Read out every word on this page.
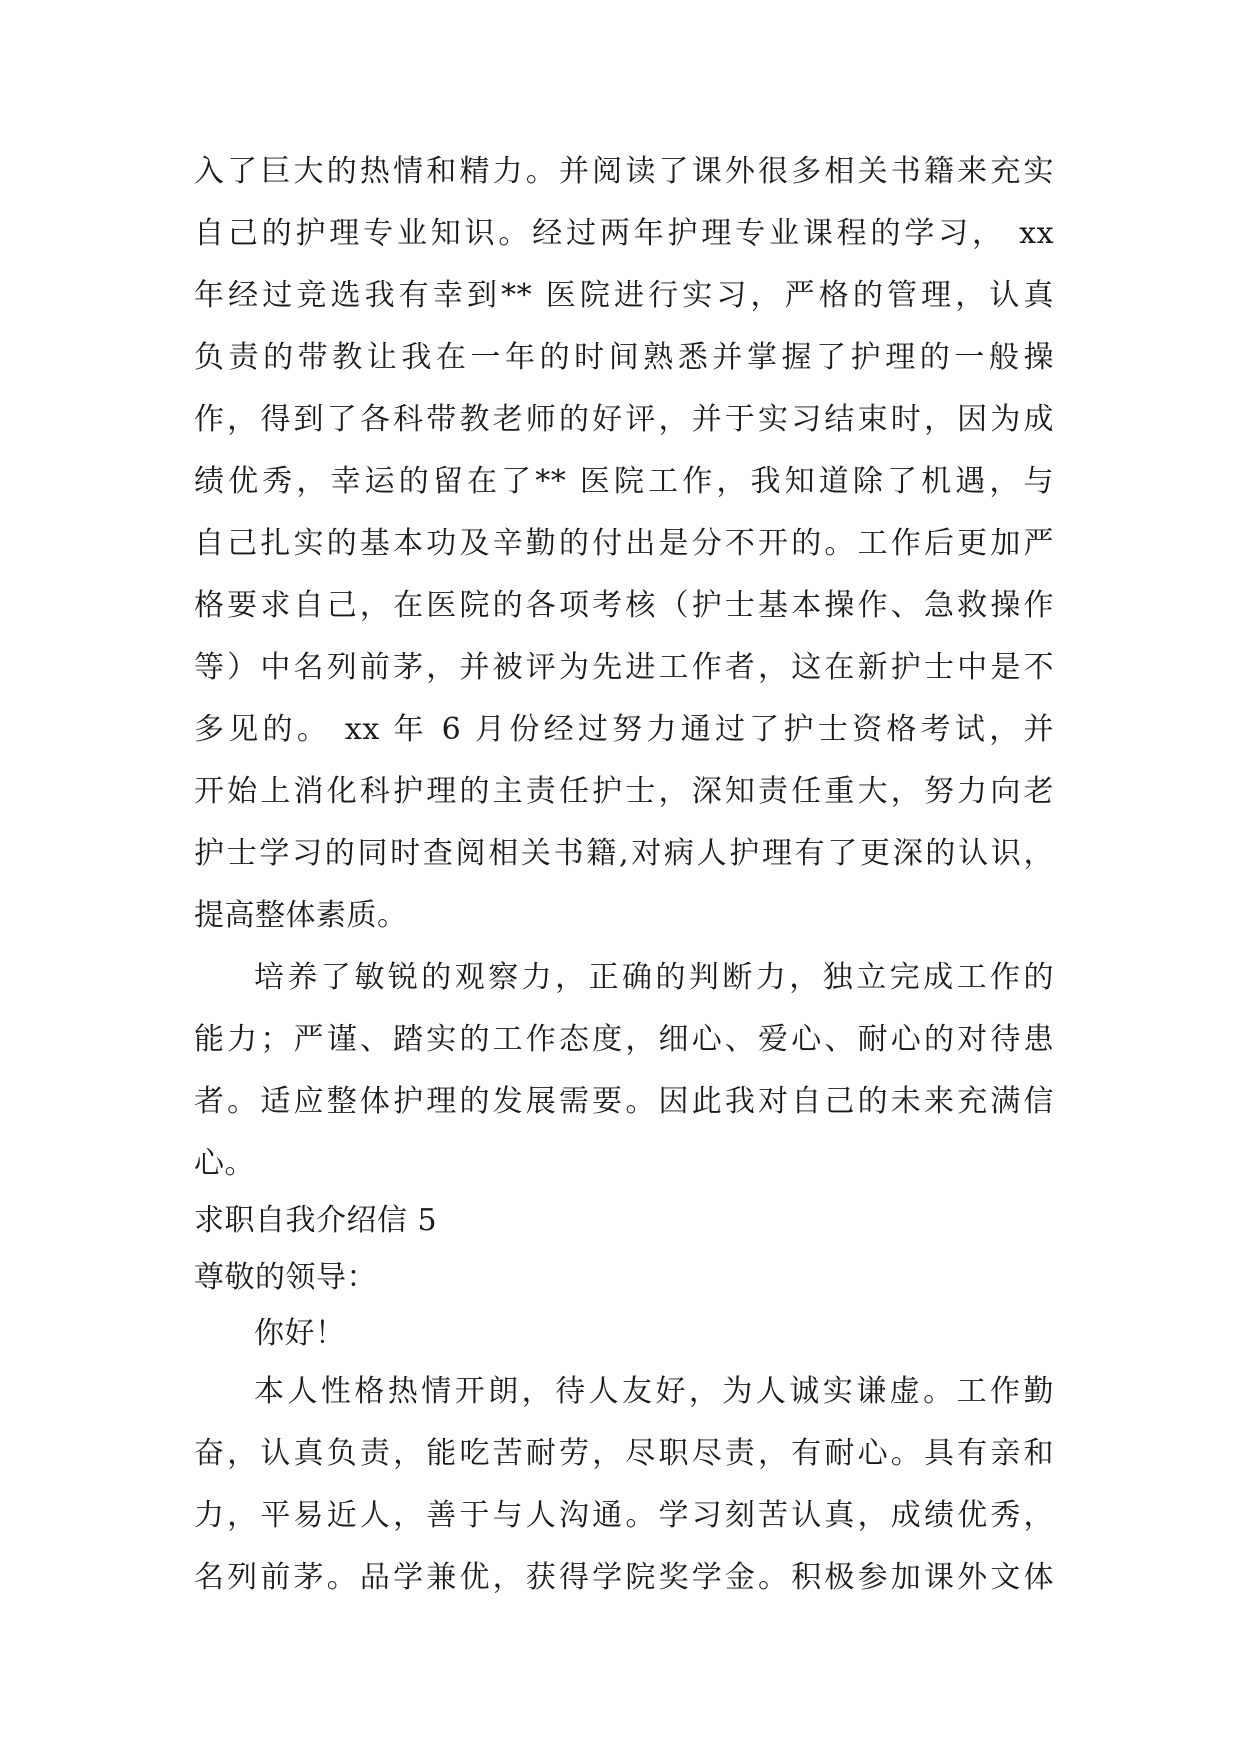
入了巨大的热情和精力。并阅读了课外很多相关书籍来充实
自己的护理专业知识。经过两年护理专业课程的学习， xx
年经过竞选我有幸到** 医院进行实习，严格的管理，认真
负责的带教让我在一年的时间熟悉并掌握了护理的一般操
作，得到了各科带教老师的好评，并于实习结束时，因为成
绩优秀，幸运的留在了** 医院工作，我知道除了机遇，与
自己扎实的基本功及辛勤的付出是分不开的。工作后更加严
格要求自己，在医院的各项考核（护士基本操作、急救操作
等）中名列前茅，并被评为先进工作者，这在新护士中是不
多见的。 xx 年 6 月份经过努力通过了护士资格考试，并
开始上消化科护理的主责任护士，深知责任重大，努力向老
护士学习的同时查阅相关书籍,对病人护理有了更深的认识，
提高整体素质。
培养了敏锐的观察力，正确的判断力，独立完成工作的
能力；严谨、踏实的工作态度，细心、爱心、耐心的对待患
者。适应整体护理的发展需要。因此我对自己的未来充满信
心。
求职自我介绍信 5
尊敬的领导：
你好！
本人性格热情开朗，待人友好，为人诚实谦虚。工作勤
奋，认真负责，能吃苦耐劳，尽职尽责，有耐心。具有亲和
力，平易近人，善于与人沟通。学习刻苦认真，成绩优秀，
名列前茅。品学兼优，获得学院奖学金。积极参加课外文体
